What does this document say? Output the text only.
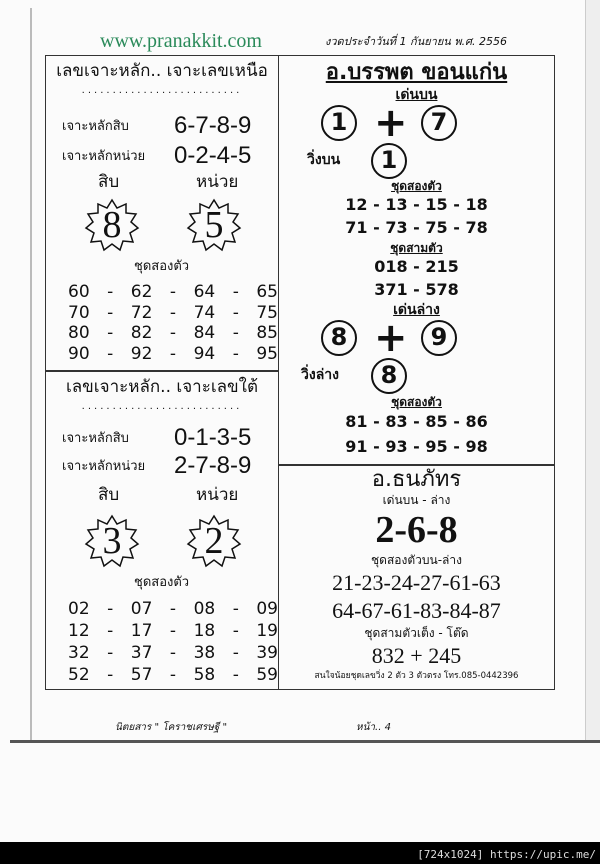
www.pranakkit.com	งวดประจำวันที่ 1 กันยายน พ.ศ. 2556
เลขเจาะหลัก.. เจาะเลขเหนือ
··························
เจาะหลักสิบ 6-7-8-9
เจาะหลักหน่วย 0-2-4-5
สิบ	หน่วย
8 5
ชุดสองตัว
60 - 62 - 64 - 65
70 - 72 - 74 - 75
80 - 82 - 84 - 85
90 - 92 - 94 - 95
เลขเจาะหลัก.. เจาะเลขใต้
··························
เจาะหลักสิบ 0-1-3-5
เจาะหลักหน่วย 2-7-8-9
สิบ	หน่วย
3 2
ชุดสองตัว
02 - 07 - 08 - 09
12 - 17 - 18 - 19
32 - 37 - 38 - 39
52 - 57 - 58 - 59
อ.บรรพต ขอนแก่น
เด่นบน
1 + 7
วิ่งบน	1
ชุดสองตัว
12 - 13 - 15 - 18
71 - 73 - 75 - 78
ชุดสามตัว
018 - 215
371 - 578
เด่นล่าง
8 + 9
วิ่งล่าง	8
ชุดสองตัว
81 - 83 - 85 - 86
91 - 93 - 95 - 98
อ.ธนภัทร
เด่นบน - ล่าง
2-6-8
ชุดสองตัวบน-ล่าง
21-23-24-27-61-63
64-67-61-83-84-87
ชุดสามตัวเต็ง - โต๊ด
832 + 245
สนใจน้อยชุดเลขวิ่ง 2 ตัว 3 ตัวตรง โทร.085-0442396
นิตยสาร " โคราชเศรษฐี "	หน้า.. 4
[724x1024] https://upic.me/
